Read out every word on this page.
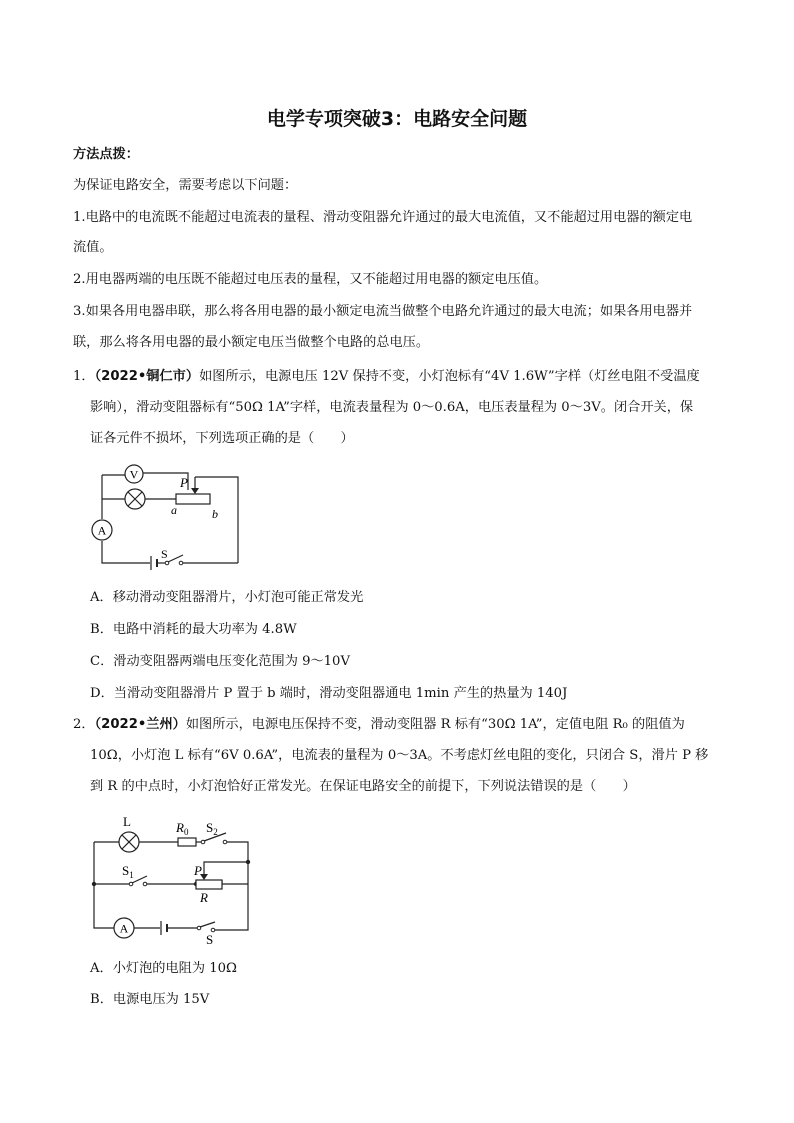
电学专项突破3：电路安全问题
方法点拨：
为保证电路安全，需要考虑以下问题：
1.电路中的电流既不能超过电流表的量程、滑动变阻器允许通过的最大电流值，又不能超过用电器的额定电
流值。
2.用电器两端的电压既不能超过电压表的量程，又不能超过用电器的额定电压值。
3.如果各用电器串联，那么将各用电器的最小额定电流当做整个电路允许通过的最大电流；如果各用电器并
联，那么将各用电器的最小额定电压当做整个电路的总电压。
1．（2022•铜仁市）如图所示，电源电压 12V 保持不变，小灯泡标有“4V 1.6W”字样（灯丝电阻不受温度
影响），滑动变阻器标有“50Ω 1A”字样，电流表量程为 0～0.6A，电压表量程为 0～3V。闭合开关，保
证各元件不损坏，下列选项正确的是（　　）
V
P
a	b
A
S
A．移动滑动变阻器滑片，小灯泡可能正常发光
B．电路中消耗的最大功率为 4.8W
C．滑动变阻器两端电压变化范围为 9～10V
D．当滑动变阻器滑片 P 置于 b 端时，滑动变阻器通电 1min 产生的热量为 140J
2．（2022•兰州）如图所示，电源电压保持不变，滑动变阻器 R 标有“30Ω 1A”，定值电阻 R₀ 的阻值为
10Ω，小灯泡 L 标有“6V 0.6A”，电流表的量程为 0～3A。不考虑灯丝电阻的变化，只闭合 S，滑片 P 移
到 R 的中点时，小灯泡恰好正常发光。在保证电路安全的前提下，下列说法错误的是（　　）
L	$R_0$ $S_2$
$S_1$	P
R
A
S
A．小灯泡的电阻为 10Ω
B．电源电压为 15V
